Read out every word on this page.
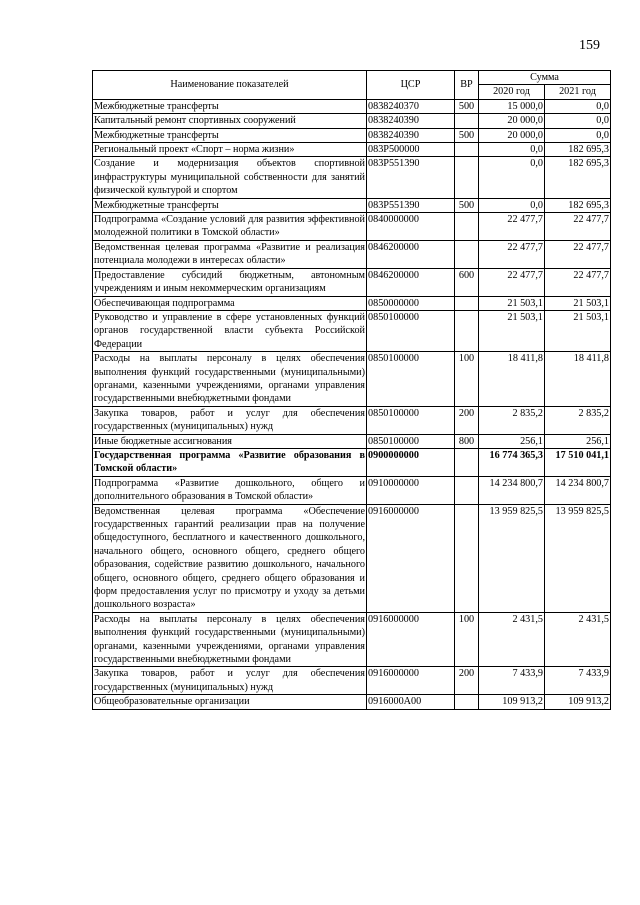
159
Наименование показателей	ЦСР	ВР	Сумма	
			2020 год	2021 год
Межбюджетные трансферты	0838240370	500	15 000,0	0,0
Капитальный ремонт спортивных сооружений	0838240390		20 000,0	0,0
Межбюджетные трансферты	0838240390	500	20 000,0	0,0
Региональный проект «Спорт – норма жизни»	083P500000		0,0	182 695,3
Создание и модернизация объектов спортивной инфраструктуры муниципальной собственности для занятий физической культурой и спортом	083P551390		0,0	182 695,3
Межбюджетные трансферты	083P551390	500	0,0	182 695,3
Подпрограмма «Создание условий для развития эффективной молодежной политики в Томской области»	0840000000		22 477,7	22 477,7
Ведомственная целевая программа «Развитие и реализация потенциала молодежи в интересах области»	0846200000		22 477,7	22 477,7
Предоставление субсидий бюджетным, автономным учреждениям и иным некоммерческим организациям	0846200000	600	22 477,7	22 477,7
Обеспечивающая подпрограмма	0850000000		21 503,1	21 503,1
Руководство и управление в сфере установленных функций органов государственной власти субъекта Российской Федерации	0850100000		21 503,1	21 503,1
Расходы на выплаты персоналу в целях обеспечения выполнения функций государственными (муниципальными) органами, казенными учреждениями, органами управления государственными внебюджетными фондами	0850100000	100	18 411,8	18 411,8
Закупка товаров, работ и услуг для обеспечения государственных (муниципальных) нужд	0850100000	200	2 835,2	2 835,2
Иные бюджетные ассигнования	0850100000	800	256,1	256,1
Государственная программа «Развитие образования в Томской области»	0900000000		16 774 365,3	17 510 041,1
Подпрограмма «Развитие дошкольного, общего и дополнительного образования в Томской области»	0910000000		14 234 800,7	14 234 800,7
Ведомственная целевая программа «Обеспечение государственных гарантий реализации прав на получение общедоступного, бесплатного и качественного дошкольного, начального общего, основного общего, среднего общего образования, содействие развитию дошкольного, начального общего, основного общего, среднего общего образования и форм предоставления услуг по присмотру и уходу за детьми дошкольного возраста»	0916000000		13 959 825,5	13 959 825,5
Расходы на выплаты персоналу в целях обеспечения выполнения функций государственными (муниципальными) органами, казенными учреждениями, органами управления государственными внебюджетными фондами	0916000000	100	2 431,5	2 431,5
Закупка товаров, работ и услуг для обеспечения государственных (муниципальных) нужд	0916000000	200	7 433,9	7 433,9
Общеобразовательные организации	0916000А00		109 913,2	109 913,2
